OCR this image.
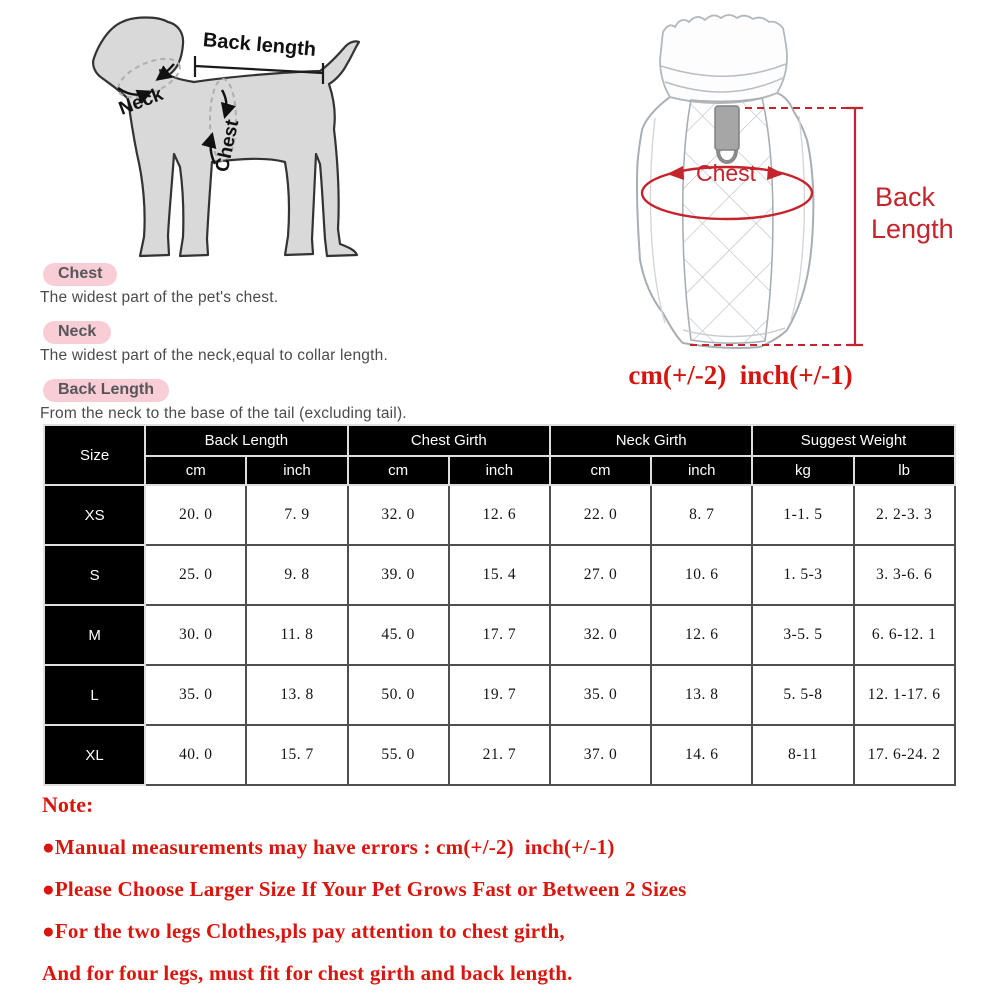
Back length
Neck
Chest	Chest
Back
Length
cm(+/-2)  inch(+/-1)
Chest
The widest part of the pet's chest.
Neck
The widest part of the neck,equal to collar length.
Back Length
From the neck to the base of the tail (excluding tail).
Size	Back Length		Chest Girth		Neck Girth		Suggest Weight	
	cm	inch	cm	inch	cm	inch	kg	lb
XS	20. 0	7. 9	32. 0	12. 6	22. 0	8. 7	1-1. 5	2. 2-3. 3
S	25. 0	9. 8	39. 0	15. 4	27. 0	10. 6	1. 5-3	3. 3-6. 6
M	30. 0	11. 8	45. 0	17. 7	32. 0	12. 6	3-5. 5	6. 6-12. 1
L	35. 0	13. 8	50. 0	19. 7	35. 0	13. 8	5. 5-8	12. 1-17. 6
XL	40. 0	15. 7	55. 0	21. 7	37. 0	14. 6	8-11	17. 6-24. 2
Note:
●Manual measurements may have errors : cm(+/-2)  inch(+/-1)
●Please Choose Larger Size If Your Pet Grows Fast or Between 2 Sizes
●For the two legs Clothes,pls pay attention to chest girth,
And for four legs, must fit for chest girth and back length.
